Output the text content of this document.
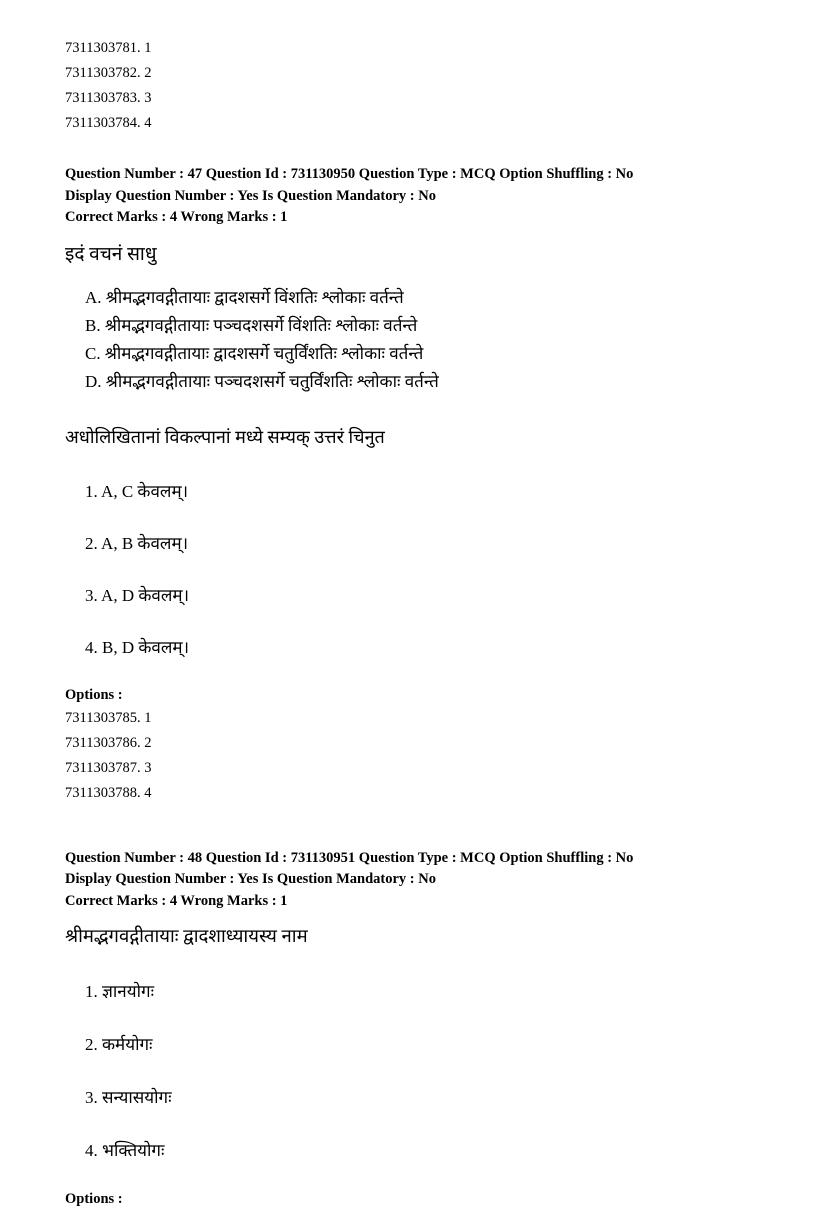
7311303781. 1
7311303782. 2
7311303783. 3
7311303784. 4
Question Number : 47 Question Id : 731130950 Question Type : MCQ Option Shuffling : No
Display Question Number : Yes Is Question Mandatory : No
Correct Marks : 4 Wrong Marks : 1
इदं वचनं साधु
A. श्रीमद्भगवद्गीतायाः द्वादशसर्गे विंशतिः श्लोकाः वर्तन्ते
B. श्रीमद्भगवद्गीतायाः पञ्चदशसर्गे विंशतिः श्लोकाः वर्तन्ते
C. श्रीमद्भगवद्गीतायाः द्वादशसर्गे चतुर्विंशतिः श्लोकाः वर्तन्ते
D. श्रीमद्भगवद्गीतायाः पञ्चदशसर्गे चतुर्विंशतिः श्लोकाः वर्तन्ते
अधोलिखितानां विकल्पानां मध्ये सम्यक् उत्तरं चिनुत
1. A, C केवलम्।
2. A, B केवलम्।
3. A, D केवलम्।
4. B, D केवलम्।
Options :
7311303785. 1
7311303786. 2
7311303787. 3
7311303788. 4
Question Number : 48 Question Id : 731130951 Question Type : MCQ Option Shuffling : No
Display Question Number : Yes Is Question Mandatory : No
Correct Marks : 4 Wrong Marks : 1
श्रीमद्भगवद्गीतायाः द्वादशाध्यायस्य नाम
1. ज्ञानयोगः
2. कर्मयोगः
3. सन्यासयोगः
4. भक्तियोगः
Options :
